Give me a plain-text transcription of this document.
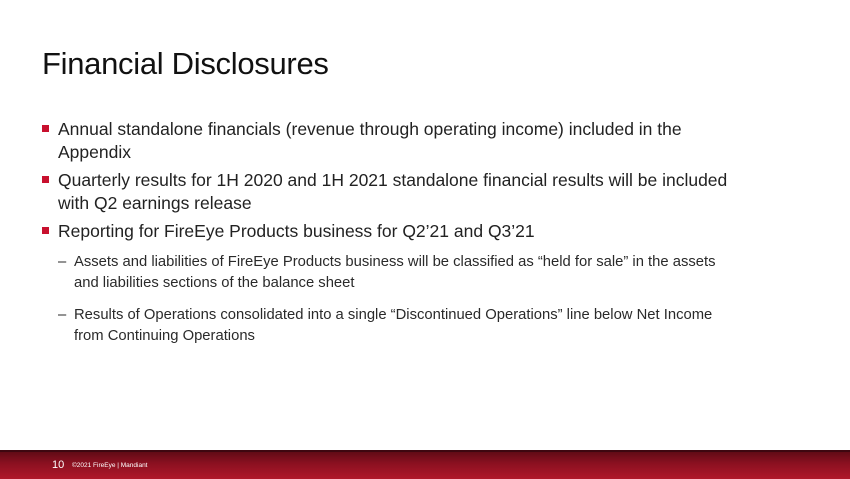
Financial Disclosures
Annual standalone financials (revenue through operating income) included in the Appendix
Quarterly results for 1H 2020 and 1H 2021 standalone financial results will be included with Q2 earnings release
Reporting for FireEye Products business for Q2’21 and Q3’21
– Assets and liabilities of FireEye Products business will be classified as “held for sale” in the assets and liabilities sections of the balance sheet
– Results of Operations consolidated into a single “Discontinued Operations” line below Net Income from Continuing Operations
10 ©2021 FireEye | Mandiant
